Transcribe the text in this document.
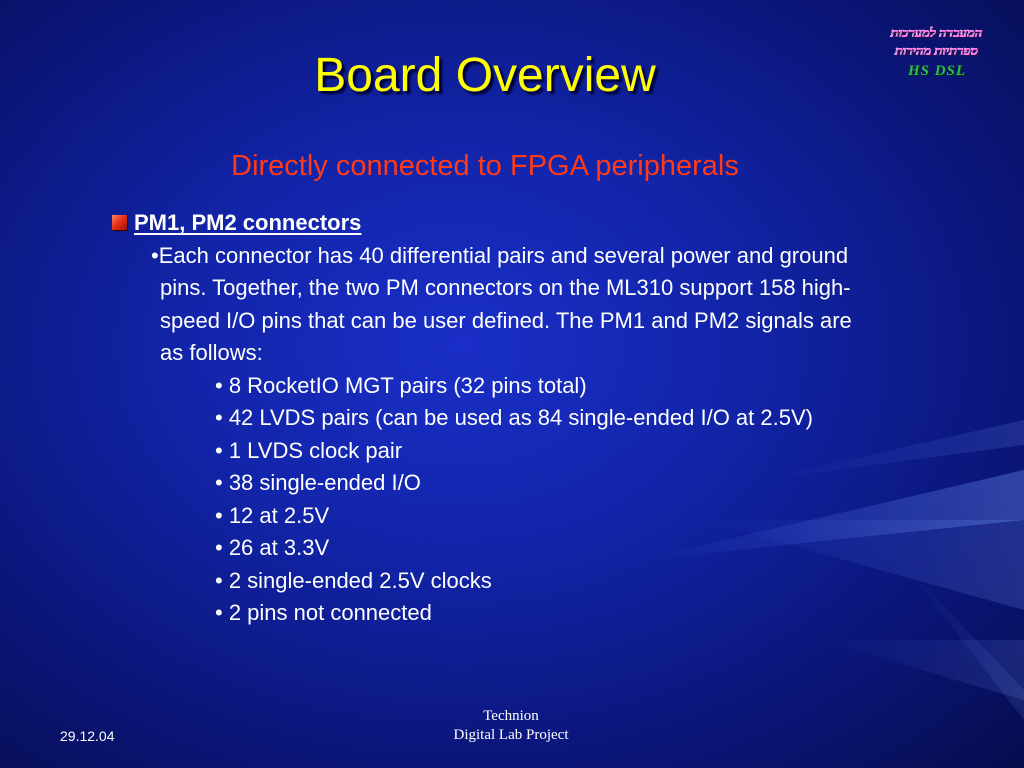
המעבדה למערכות
ספרתיות מהירות
HS DSL
Board Overview
Directly connected to FPGA peripherals
PM1, PM2 connectors
•Each connector has 40 differential pairs and several power and ground pins. Together, the two PM connectors on the ML310 support 158 high-speed I/O pins that can be user defined. The PM1 and PM2 signals are as follows:
• 8 RocketIO MGT pairs (32 pins total)
• 42 LVDS pairs (can be used as 84 single-ended I/O at 2.5V)
• 1 LVDS clock pair
• 38 single-ended I/O
• 12 at 2.5V
• 26 at 3.3V
• 2 single-ended 2.5V clocks
• 2 pins not connected
29.12.04
Technion
Digital Lab Project
